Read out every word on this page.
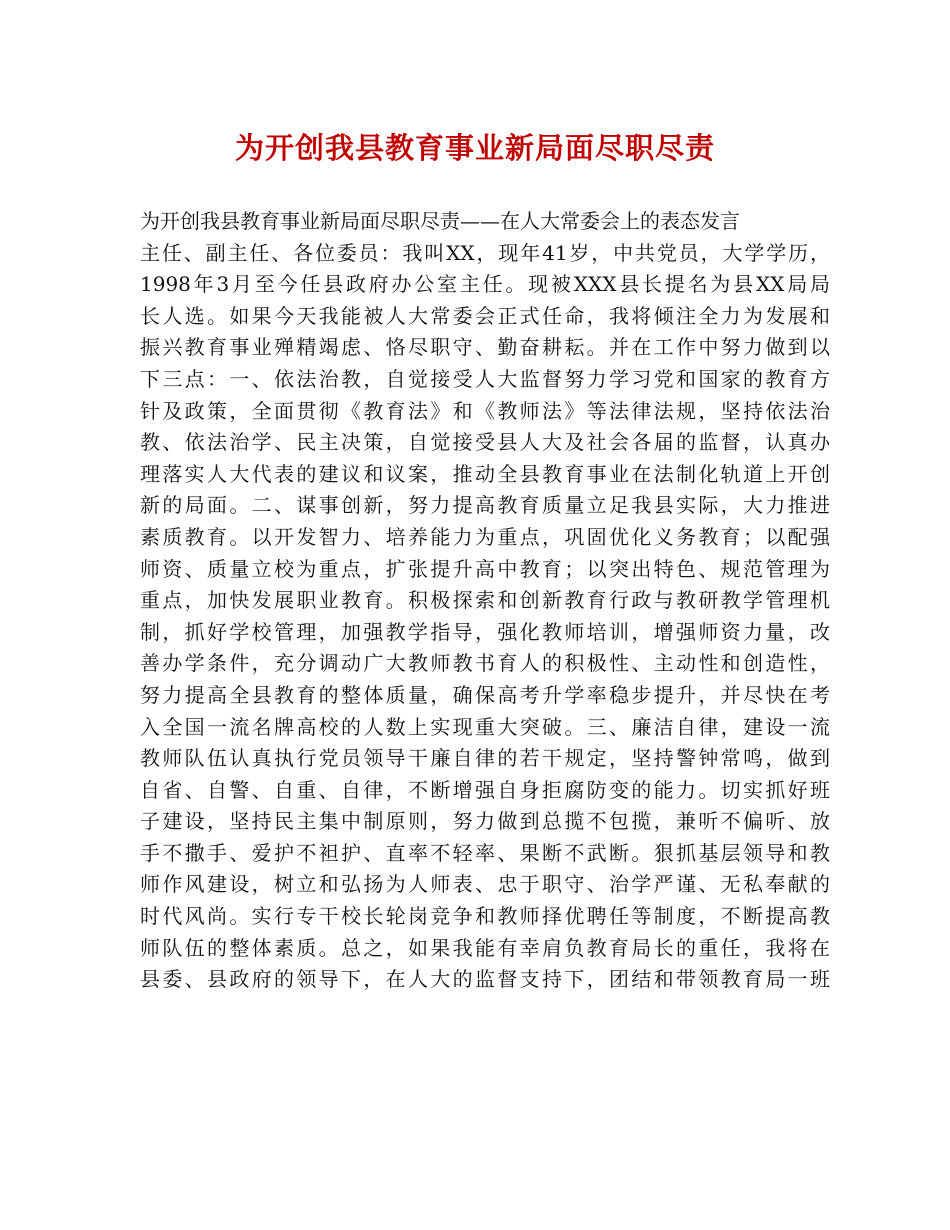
为开创我县教育事业新局面尽职尽责
为开创我县教育事业新局面尽职尽责——在人大常委会上的表态发言
主任、副主任、各位委员：我叫XX，现年41岁，中共党员，大学学历，
1998年3月至今任县政府办公室主任。现被XXX县长提名为县XX局局
长人选。如果今天我能被人大常委会正式任命，我将倾注全力为发展和
振兴教育事业殚精竭虑、恪尽职守、勤奋耕耘。并在工作中努力做到以
下三点：一、依法治教，自觉接受人大监督努力学习党和国家的教育方
针及政策，全面贯彻《教育法》和《教师法》等法律法规，坚持依法治
教、依法治学、民主决策，自觉接受县人大及社会各届的监督，认真办
理落实人大代表的建议和议案，推动全县教育事业在法制化轨道上开创
新的局面。二、谋事创新，努力提高教育质量立足我县实际，大力推进
素质教育。以开发智力、培养能力为重点，巩固优化义务教育；以配强
师资、质量立校为重点，扩张提升高中教育；以突出特色、规范管理为
重点，加快发展职业教育。积极探索和创新教育行政与教研教学管理机
制，抓好学校管理，加强教学指导，强化教师培训，增强师资力量，改
善办学条件，充分调动广大教师教书育人的积极性、主动性和创造性，
努力提高全县教育的整体质量，确保高考升学率稳步提升，并尽快在考
入全国一流名牌高校的人数上实现重大突破。三、廉洁自律，建设一流
教师队伍认真执行党员领导干廉自律的若干规定，坚持警钟常鸣，做到
自省、自警、自重、自律，不断增强自身拒腐防变的能力。切实抓好班
子建设，坚持民主集中制原则，努力做到总揽不包揽，兼听不偏听、放
手不撒手、爱护不袒护、直率不轻率、果断不武断。狠抓基层领导和教
师作风建设，树立和弘扬为人师表、忠于职守、治学严谨、无私奉献的
时代风尚。实行专干校长轮岗竞争和教师择优聘任等制度，不断提高教
师队伍的整体素质。总之，如果我能有幸肩负教育局长的重任，我将在
县委、县政府的领导下，在人大的监督支持下，团结和带领教育局一班
